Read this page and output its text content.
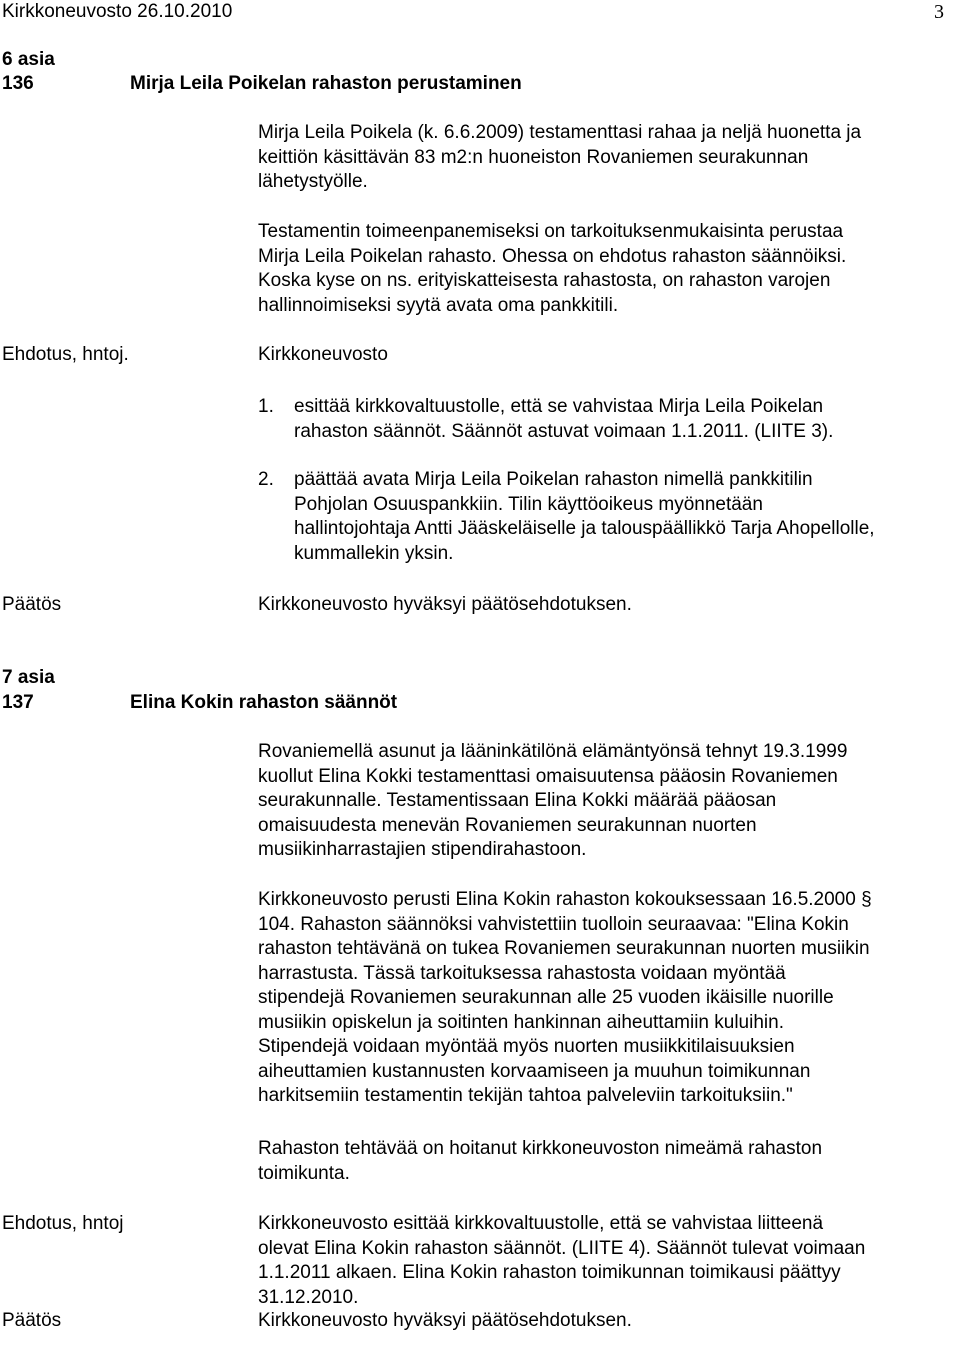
Kirkkoneuvosto 26.10.2010	3
6 asia
136	Mirja Leila Poikelan rahaston perustaminen

Mirja Leila Poikela (k. 6.6.2009) testamenttasi rahaa ja neljä huonetta ja

keittiön käsittävän 83 m2:n huoneiston Rovaniemen seurakunnan

lähetystyölle.

Testamentin toimeenpanemiseksi on tarkoituksenmukaisinta perustaa

Mirja Leila Poikelan rahasto. Ohessa on ehdotus rahaston säännöiksi.

Koska kyse on ns. erityiskatteisesta rahastosta, on rahaston varojen

hallinnoimiseksi syytä avata oma pankkitili.

Ehdotus, hntoj.	Kirkkoneuvosto
1. esittää kirkkovaltuustolle, että se vahvistaa Mirja Leila Poikelan

rahaston säännöt. Säännöt astuvat voimaan 1.1.2011. (LIITE 3).

2. päättää avata Mirja Leila Poikelan rahaston nimellä pankkitilin

Pohjolan Osuuspankkiin. Tilin käyttöoikeus myönnetään

hallintojohtaja Antti Jääskeläiselle ja talouspäällikkö Tarja Ahopellolle,

kummallekin yksin.

Päätös	Kirkkoneuvosto hyväksyi päätösehdotuksen.
7 asia
137	Elina Kokin rahaston säännöt

Rovaniemellä asunut ja lääninkätilönä elämäntyönsä tehnyt 19.3.1999

kuollut Elina Kokki testamenttasi omaisuutensa pääosin Rovaniemen

seurakunnalle. Testamentissaan Elina Kokki määrää pääosan

omaisuudesta menevän Rovaniemen seurakunnan nuorten

musiikinharrastajien stipendirahastoon.

Kirkkoneuvosto perusti Elina Kokin rahaston kokouksessaan 16.5.2000 §

104. Rahaston säännöksi vahvistettiin tuolloin seuraavaa: "Elina Kokin

rahaston tehtävänä on tukea Rovaniemen seurakunnan nuorten musiikin

harrastusta. Tässä tarkoituksessa rahastosta voidaan myöntää

stipendejä Rovaniemen seurakunnan alle 25 vuoden ikäisille nuorille

musiikin opiskelun ja soitinten hankinnan aiheuttamiin kuluihin.

Stipendejä voidaan myöntää myös nuorten musiikkitilaisuuksien

aiheuttamien kustannusten korvaamiseen ja muuhun toimikunnan

harkitsemiin testamentin tekijän tahtoa palveleviin tarkoituksiin."

Rahaston tehtävää on hoitanut kirkkoneuvoston nimeämä rahaston

toimikunta.

Ehdotus, hntoj	Kirkkoneuvosto esittää kirkkovaltuustolle, että se vahvistaa liitteenä

olevat Elina Kokin rahaston säännöt. (LIITE 4). Säännöt tulevat voimaan

1.1.2011 alkaen. Elina Kokin rahaston toimikunnan toimikausi päättyy

31.12.2010.

Päätös	Kirkkoneuvosto hyväksyi päätösehdotuksen.
